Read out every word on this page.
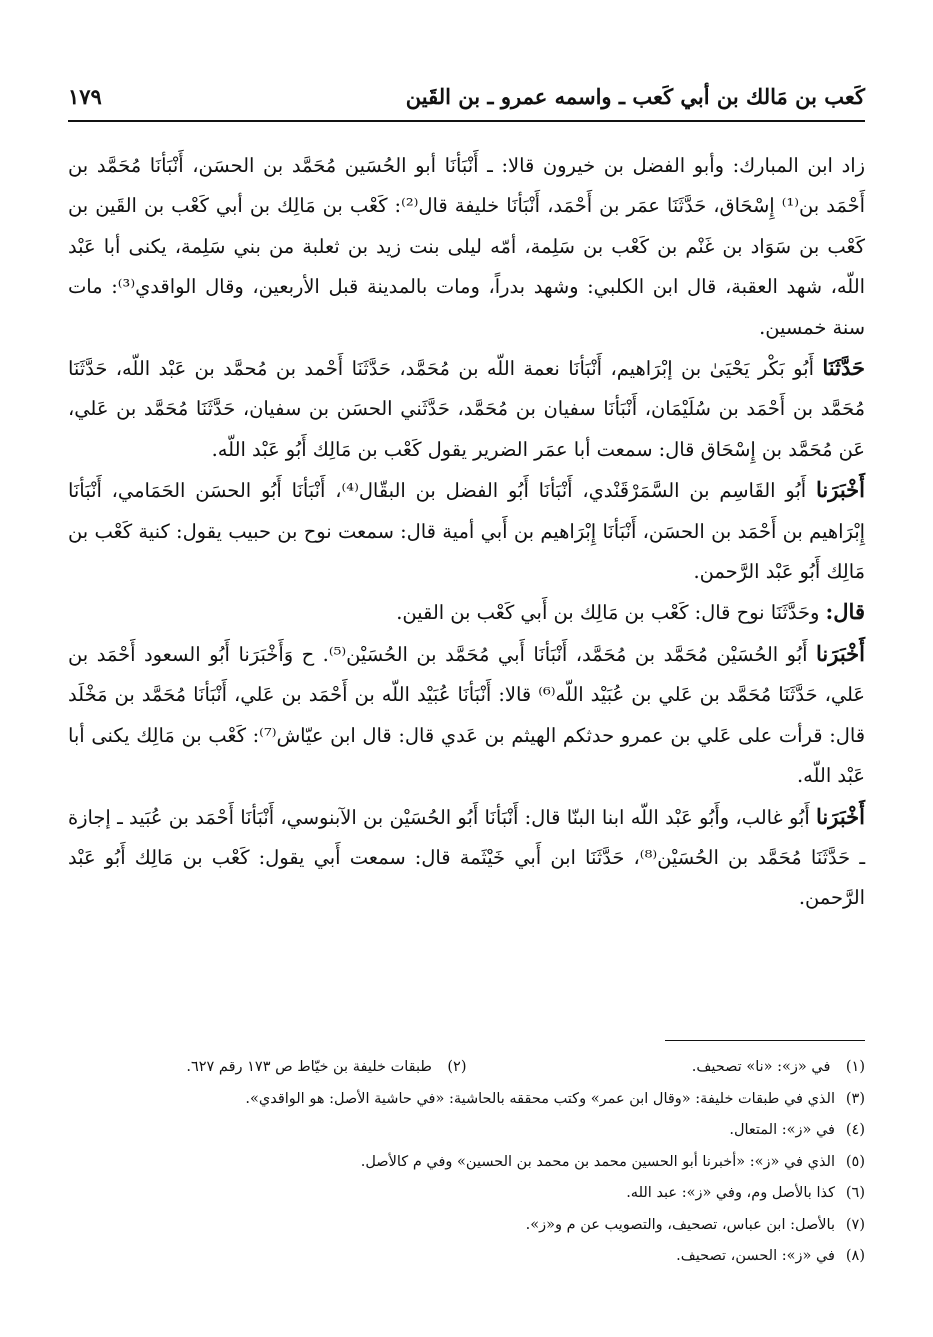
كَعب بن مَالك بن أبي كَعب ـ واسمه عمرو ـ بن القَين
١٧٩

زاد ابن المبارك: وأبو الفضل بن خيرون قالا: ـ أَنْبَأنَا أبو الحُسَين مُحَمَّد بن الحسَن، أَنْبَأنَا مُحَمَّد بن أَحْمَد بن⁽¹⁾ إِسْحَاق، حَدَّثَنَا عمَر بن أَحْمَد، أَنْبَأنَا خليفة قال⁽²⁾: كَعْب بن مَالِك بن أبي كَعْب بن القَين بن كَعْب بن سَوَاد بن غَنْم بن كَعْب بن سَلِمة، أمّه ليلى بنت زيد بن ثعلبة من بني سَلِمة، يكنى أبا عَبْد اللّه، شهد العقبة، قال ابن الكلبي: وشهد بدراً، ومات بالمدينة قبل الأربعين، وقال الواقدي⁽³⁾: مات سنة خمسين.

حَدَّثَنَا أَبُو بَكْر يَحْيَىٰ بن إبْرَاهيم، أَنْبَأنَا نعمة اللّه بن مُحَمَّد، حَدَّثَنَا أَحْمد بن مُحمَّد بن عَبْد اللّه، حَدَّثَنَا مُحَمَّد بن أَحْمَد بن سُلَيْمَان، أَنْبَأنَا سفيان بن مُحَمَّد، حَدَّثَني الحسَن بن سفيان، حَدَّثَنَا مُحَمَّد بن عَلي، عَن مُحَمَّد بن إِسْحَاق قال: سمعت أبا عمَر الضرير يقول كَعْب بن مَالِك أَبُو عَبْد اللّه.

أَخْبَرَنا أَبُو القَاسِم بن السَّمَرْقَنْدي، أَنْبَأنَا أَبُو الفضل بن البقّال⁽⁴⁾، أَنْبَأنَا أَبُو الحسَن الحَمَامي، أَنْبَأنَا إِبْرَاهيم بن أَحْمَد بن الحسَن، أَنْبَأنَا إِبْرَاهيم بن أَبي أمية قال: سمعت نوح بن حبيب يقول: كنية كَعْب بن مَالِك أَبُو عَبْد الرَّحمن.

قال: وحَدَّثَنَا نوح قال: كَعْب بن مَالِك بن أَبي كَعْب بن القين.

أَخْبَرَنا أَبُو الحُسَيْن مُحَمَّد بن مُحَمَّد، أَنْبَأنَا أَبي مُحَمَّد بن الحُسَيْن⁽⁵⁾. ح وَأَخْبَرَنا أَبُو السعود أَحْمَد بن عَلي، حَدَّثَنَا مُحَمَّد بن عَلي بن عُبَيْد اللّه⁽⁶⁾ قالا: أَنْبَأنَا عُبَيْد اللّه بن أَحْمَد بن عَلي، أَنْبَأنَا مُحَمَّد بن مَخْلَد قال: قرأت على عَلي بن عمرو حدثكم الهيثم بن عَدي قال: قال ابن عيّاش⁽⁷⁾: كَعْب بن مَالِك يكنى أبا عَبْد اللّه.

أَخْبَرَنا أَبُو غالب، وأَبُو عَبْد اللّه ابنا البنّا قال: أَنْبَأنَا أَبُو الحُسَيْن بن الآبنوسي، أَنْبَأنَا أَحْمَد بن عُبَيد ـ إجازة ـ حَدَّثَنَا مُحَمَّد بن الحُسَيْن⁽⁸⁾، حَدَّثَنَا ابن أَبي خَيْثَمة قال: سمعت أَبي يقول: كَعْب بن مَالِك أَبُو عَبْد الرَّحمن.

(١) في «ز»: «نا» تصحيف.
(٢) طبقات خليفة بن خيّاط ص ١٧٣ رقم ٦٢٧.
(٣)
الذي في طبقات خليفة: «وقال ابن عمر» وكتب محققه بالحاشية: «في حاشية الأصل: هو الواقدي».
(٤)
في «ز»: المتعال.
(٥)
الذي في «ز»: «أخبرنا أبو الحسين محمد بن محمد بن الحسين» وفي م كالأصل.
(٦)
كذا بالأصل وم، وفي «ز»: عبد الله.
(٧)
بالأصل: ابن عباس، تصحيف، والتصويب عن م و«ز».
(٨)
في «ز»: الحسن، تصحيف.
